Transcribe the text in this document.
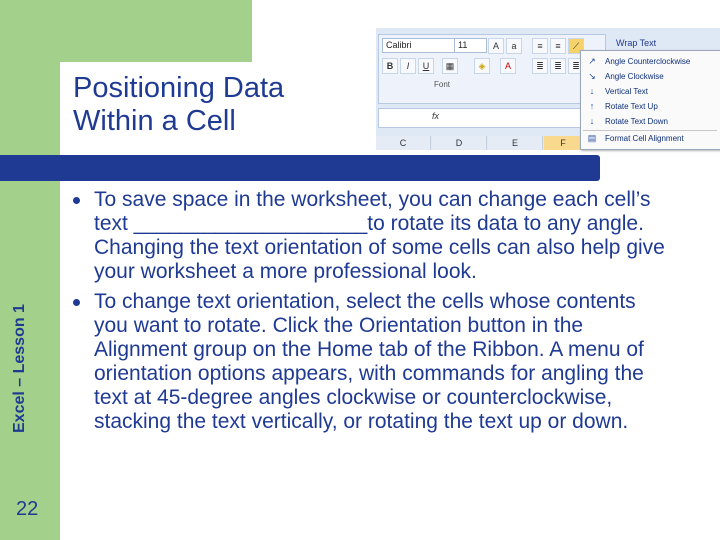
Positioning Data
Within a Cell
Excel – Lesson 1
22
Calibri	11	A	a
B	I	U	▦	◈	A
Font
≡	≡	⟋
≣	≣	≣
Wrap Text
fx
C	D	E	F
↗ Angle Counterclockwise
↘ Angle Clockwise
↓	Vertical Text
↑	Rotate Text Up
↓	Rotate Text Down
▤ Format Cell Alignment
To save space in the worksheet, you can change each cell’s text ____________________to rotate its data to any angle. Changing the text orientation of some cells can also help give your worksheet a more professional look.
To change text orientation, select the cells whose contents you want to rotate. Click the Orientation button in the Alignment group on the Home tab of the Ribbon. A menu of orientation options appears, with commands for angling the text at 45-degree angles clockwise or counterclockwise, stacking the text vertically, or rotating the text up or down.
